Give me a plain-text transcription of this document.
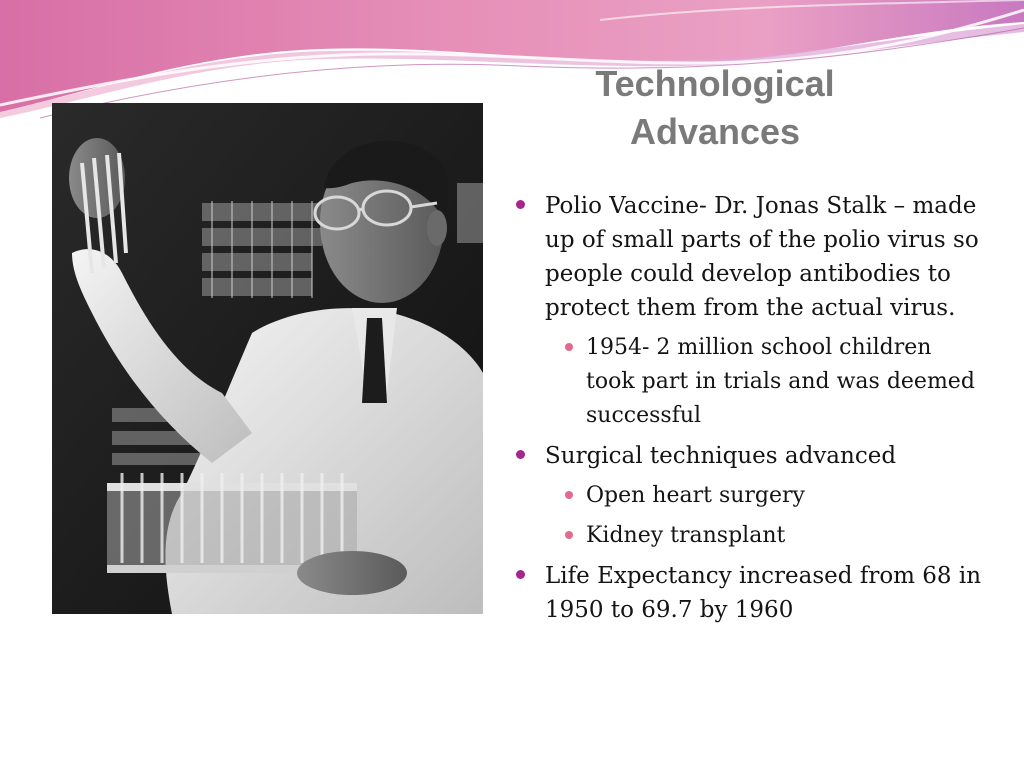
Technological
Advances
Polio Vaccine- Dr. Jonas Stalk – made up of small parts of the polio virus so people could develop antibodies to protect them from the actual virus.
1954- 2 million school children took part in trials and was deemed successful
Surgical techniques advanced
Open heart surgery
Kidney transplant
Life Expectancy increased from 68 in 1950 to 69.7 by 1960
